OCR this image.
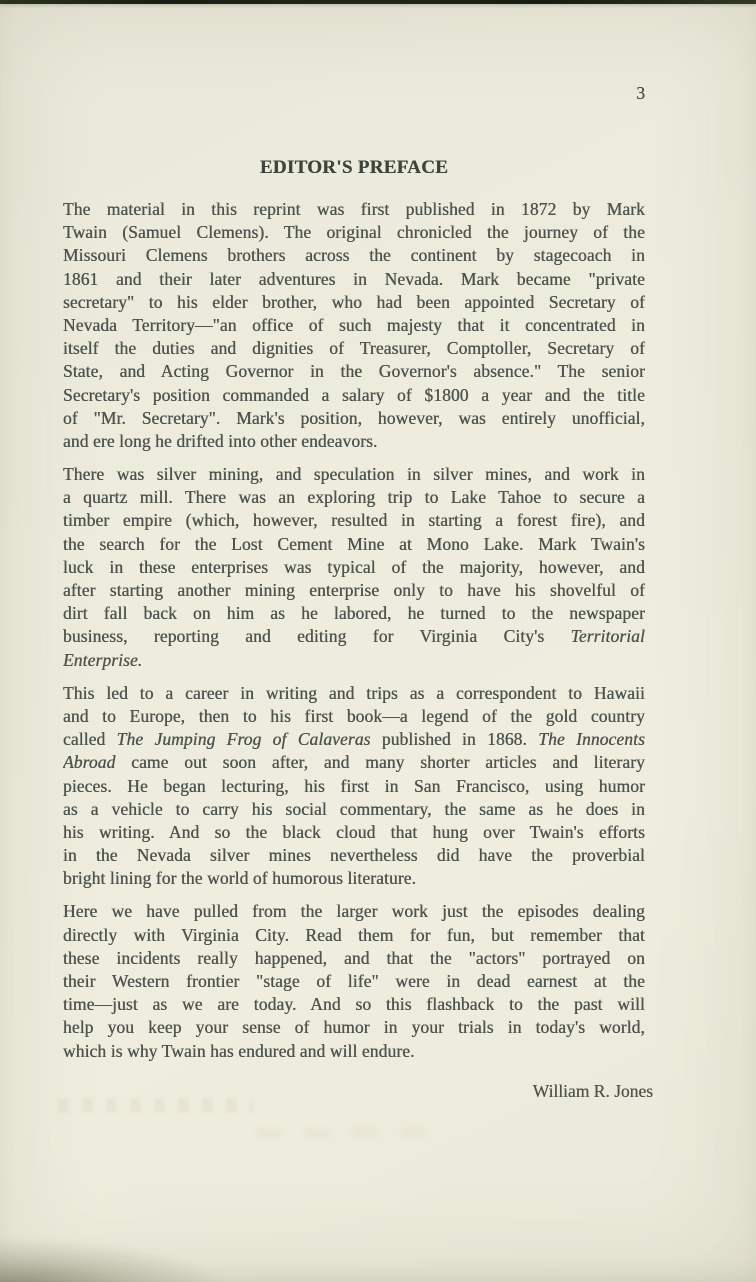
3
EDITOR'S PREFACE
The material in this reprint was first published in 1872 by Mark
Twain (Samuel Clemens). The original chronicled the journey of the
Missouri Clemens brothers across the continent by stagecoach in
1861 and their later adventures in Nevada. Mark became "private
secretary" to his elder brother, who had been appointed Secretary of
Nevada Territory—"an office of such majesty that it concentrated in
itself the duties and dignities of Treasurer, Comptoller, Secretary of
State, and Acting Governor in the Governor's absence." The senior
Secretary's position commanded a salary of $1800 a year and the title
of "Mr. Secretary". Mark's position, however, was entirely unofficial,
and ere long he drifted into other endeavors.
There was silver mining, and speculation in silver mines, and work in
a quartz mill. There was an exploring trip to Lake Tahoe to secure a
timber empire (which, however, resulted in starting a forest fire), and
the search for the Lost Cement Mine at Mono Lake. Mark Twain's
luck in these enterprises was typical of the majority, however, and
after starting another mining enterprise only to have his shovelful of
dirt fall back on him as he labored, he turned to the newspaper
business, reporting and editing for Virginia City's Territorial
Enterprise.
This led to a career in writing and trips as a correspondent to Hawaii
and to Europe, then to his first book—a legend of the gold country
called The Jumping Frog of Calaveras published in 1868. The Innocents
Abroad came out soon after, and many shorter articles and literary
pieces. He began lecturing, his first in San Francisco, using humor
as a vehicle to carry his social commentary, the same as he does in
his writing. And so the black cloud that hung over Twain's efforts
in the Nevada silver mines nevertheless did have the proverbial
bright lining for the world of humorous literature.
Here we have pulled from the larger work just the episodes dealing
directly with Virginia City. Read them for fun, but remember that
these incidents really happened, and that the "actors" portrayed on
their Western frontier "stage of life" were in dead earnest at the
time—just as we are today. And so this flashback to the past will
help you keep your sense of humor in your trials in today's world,
which is why Twain has endured and will endure.
William R. Jones
